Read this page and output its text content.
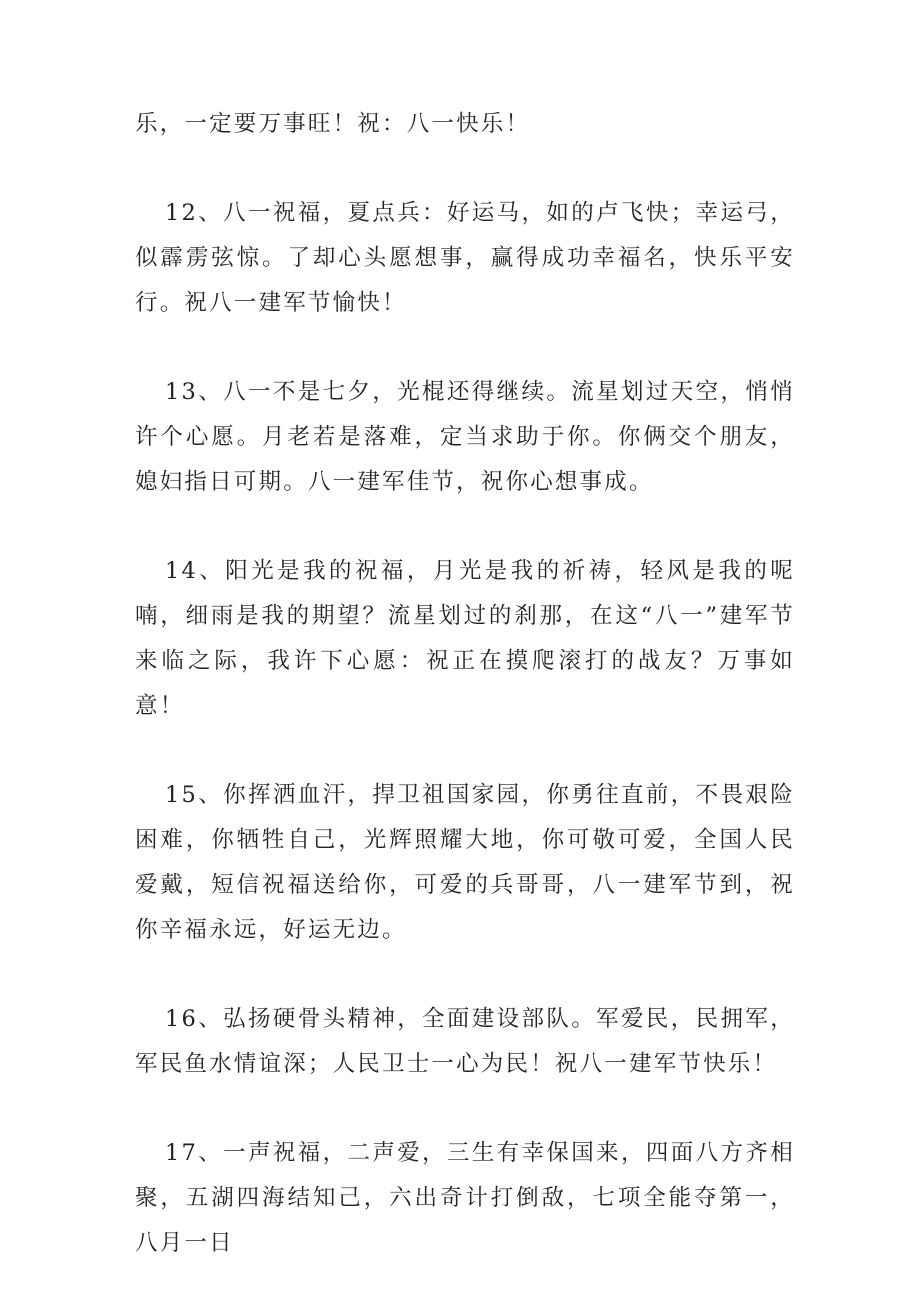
乐，一定要万事旺！祝：八一快乐！

12、八一祝福，夏点兵：好运马，如的卢飞快；幸运弓，似霹雳弦惊。了却心头愿想事，赢得成功幸福名，快乐平安行。祝八一建军节愉快！

13、八一不是七夕，光棍还得继续。流星划过天空，悄悄许个心愿。月老若是落难，定当求助于你。你俩交个朋友，媳妇指日可期。八一建军佳节，祝你心想事成。

14、阳光是我的祝福，月光是我的祈祷，轻风是我的呢喃，细雨是我的期望？流星划过的刹那，在这“八一”建军节来临之际，我许下心愿：祝正在摸爬滚打的战友？万事如意！

15、你挥洒血汗，捍卫祖国家园，你勇往直前，不畏艰险困难，你牺牲自己，光辉照耀大地，你可敬可爱，全国人民爱戴，短信祝福送给你，可爱的兵哥哥，八一建军节到，祝你辛福永远，好运无边。

16、弘扬硬骨头精神，全面建设部队。军爱民，民拥军，军民鱼水情谊深；人民卫士一心为民！祝八一建军节快乐！

17、一声祝福，二声爱，三生有幸保国来，四面八方齐相聚，五湖四海结知己，六出奇计打倒敌，七项全能夺第一，八月一日
